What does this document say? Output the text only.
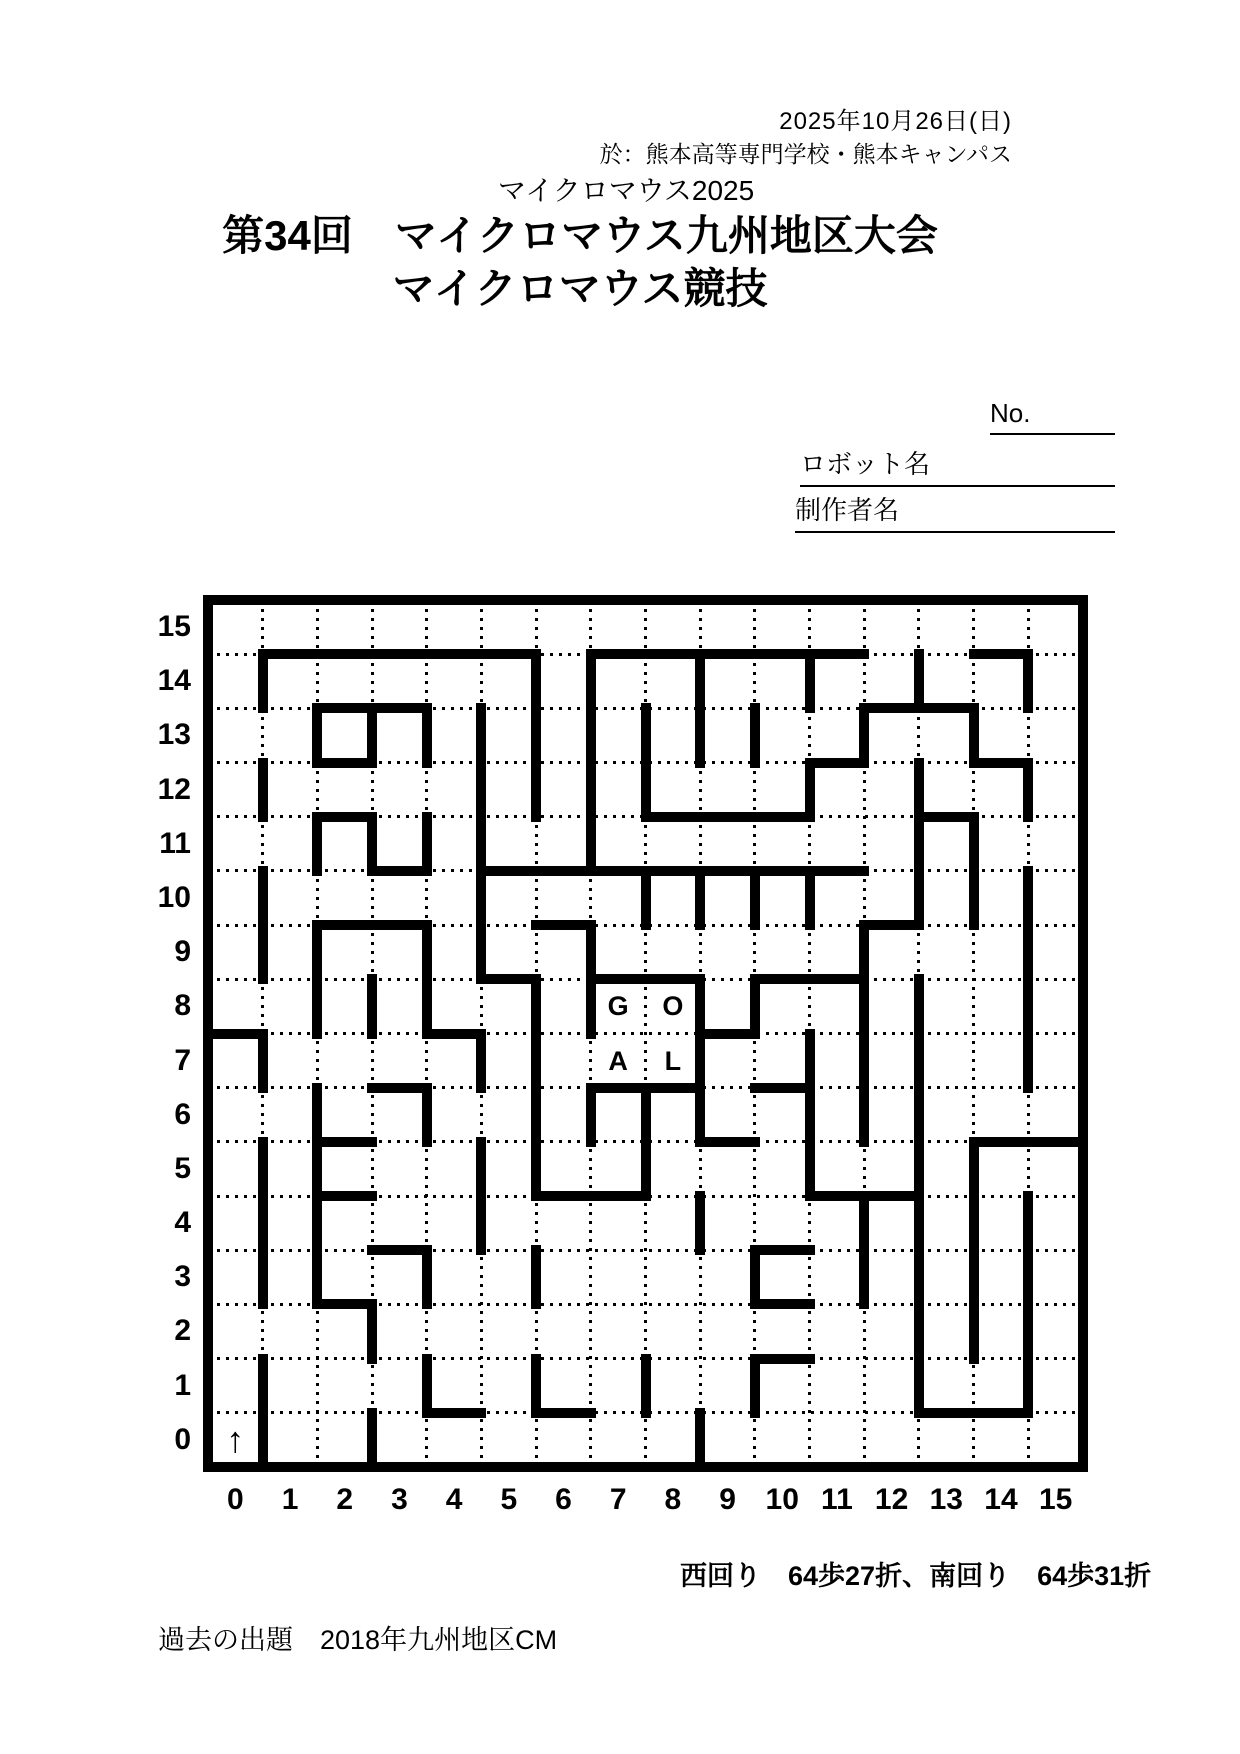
2025年10月26日(日)
於：熊本高等専門学校・熊本キャンパス
マイクロマウス2025
第34回　マイクロマウス九州地区大会
マイクロマウス競技
No.
ロボット名
制作者名
15
14
13
12
11
10
9
8
7
6
5
4
3
2
1
0
0	1	2	3	4	5	6	7	8	9 10 11 12 13 14 15
G	O
A	L
↑
西回り　64歩27折、南回り　64歩31折
過去の出題　2018年九州地区CM
